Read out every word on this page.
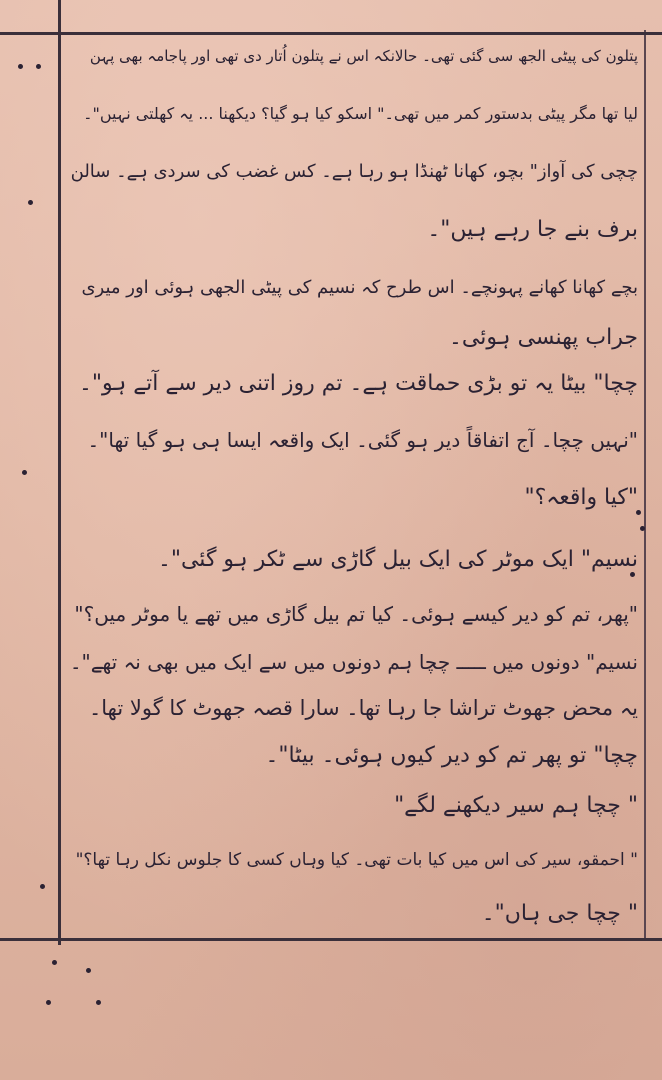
پتلون کی پیٹی الجھ سی گئی تھی۔ حالانکہ اس نے پتلون اُتار دی تھی اور پاجامہ بھی پہن
لیا تھا مگر پیٹی بدستور کمر میں تھی۔" اسکو کیا ہو گیا؟ دیکھنا ... یہ کھلتی نہیں"۔
چچی کی آواز" بچو، کھانا ٹھنڈا ہو رہا ہے۔ کس غضب کی سردی ہے۔ سالن
برف بنے جا رہے ہیں"۔
بچے کھانا کھانے پہونچے۔ اس طرح کہ نسیم کی پیٹی الجھی ہوئی اور میری
جراب پھنسی ہوئی۔
چچا" بیٹا یہ تو بڑی حماقت ہے۔ تم روز اتنی دیر سے آتے ہو"۔
"نہیں چچا۔ آج اتفاقاً دیر ہو گئی۔ ایک واقعہ ایسا ہی ہو گیا تھا"۔
"کیا واقعہ؟"
نسیم" ایک موٹر کی ایک بیل گاڑی سے ٹکر ہو گئی"۔
"پھر، تم کو دیر کیسے ہوئی۔ کیا تم بیل گاڑی میں تھے یا موٹر میں؟"
نسیم" دونوں میں ـــــ چچا ہم دونوں میں سے ایک میں بھی نہ تھے"۔
یہ محض جھوٹ تراشا جا رہا تھا۔ سارا قصہ جھوٹ کا گولا تھا۔
چچا" تو پھر تم کو دیر کیوں ہوئی۔ بیٹا"۔
" چچا ہم سیر دیکھنے لگے"
" احمقو، سیر کی اس میں کیا بات تھی۔ کیا وہاں کسی کا جلوس نکل رہا تھا؟"
" چچا جی ہاں"۔
